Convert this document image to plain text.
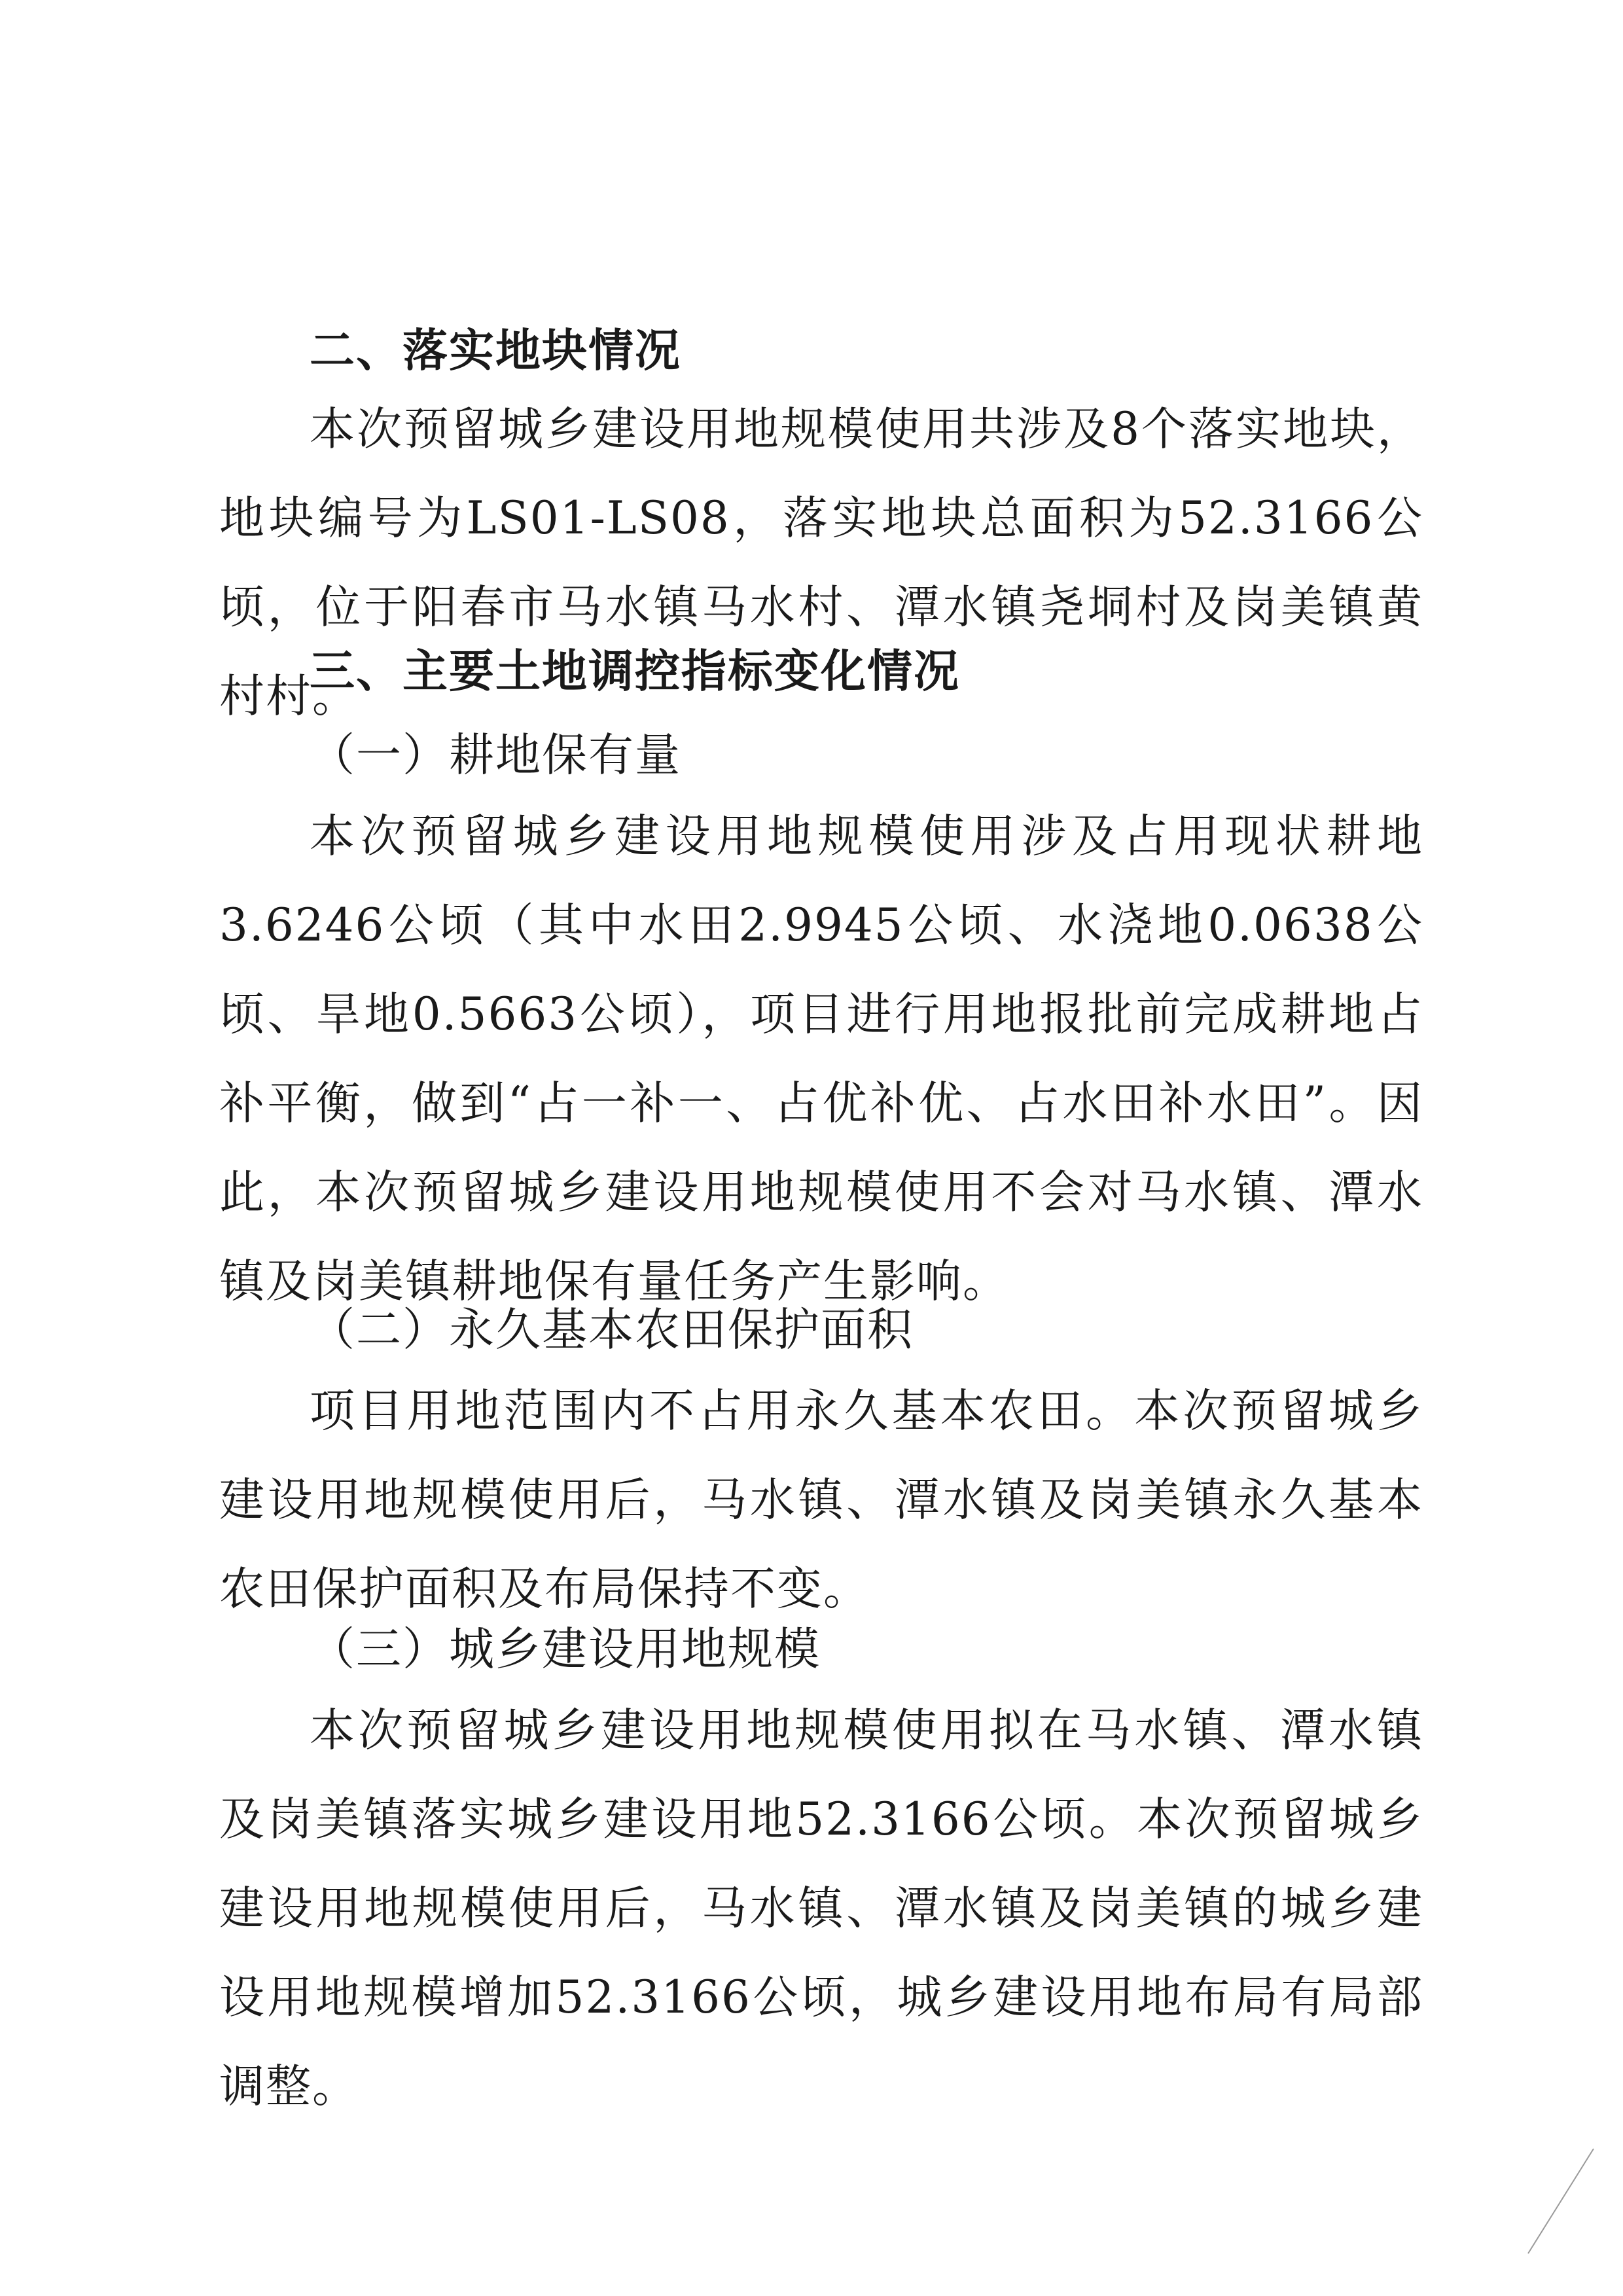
二、落实地块情况
本次预留城乡建设用地规模使用共涉及8个落实地块，地块编号为LS01-LS08，落实地块总面积为52.3166公顷，位于阳春市马水镇马水村、潭水镇尧垌村及岗美镇黄村村。
三、主要土地调控指标变化情况
（一）耕地保有量
本次预留城乡建设用地规模使用涉及占用现状耕地3.6246公顷（其中水田2.9945公顷、水浇地0.0638公顷、旱地0.5663公顷），项目进行用地报批前完成耕地占补平衡，做到“占一补一、占优补优、占水田补水田”。因此，本次预留城乡建设用地规模使用不会对马水镇、潭水镇及岗美镇耕地保有量任务产生影响。
（二）永久基本农田保护面积
项目用地范围内不占用永久基本农田。本次预留城乡建设用地规模使用后，马水镇、潭水镇及岗美镇永久基本农田保护面积及布局保持不变。
（三）城乡建设用地规模
本次预留城乡建设用地规模使用拟在马水镇、潭水镇及岗美镇落实城乡建设用地52.3166公顷。本次预留城乡建设用地规模使用后，马水镇、潭水镇及岗美镇的城乡建设用地规模增加52.3166公顷，城乡建设用地布局有局部调整。
